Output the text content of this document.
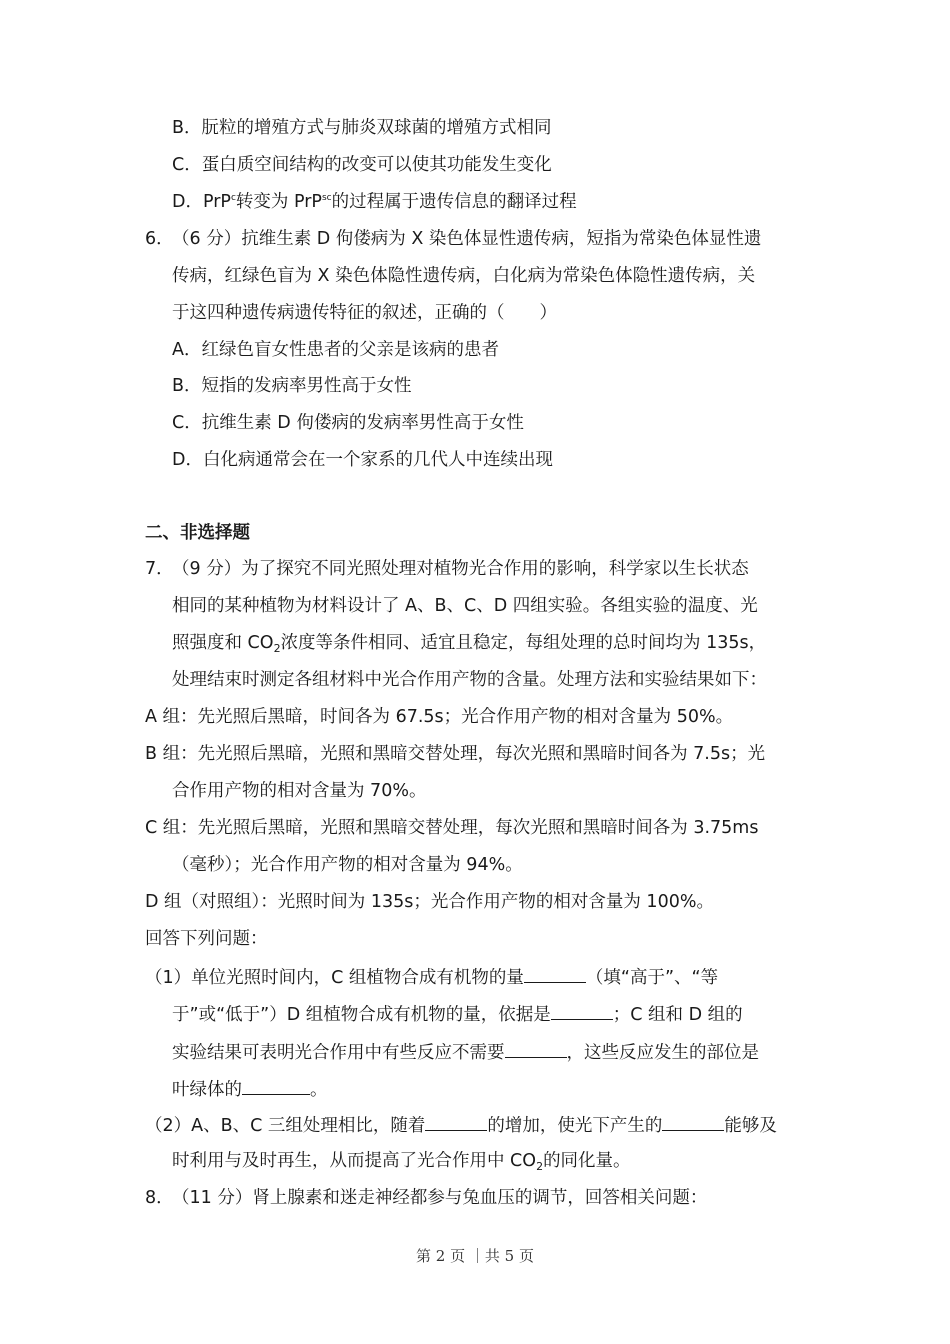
B．朊粒的增殖方式与肺炎双球菌的增殖方式相同
C．蛋白质空间结构的改变可以使其功能发生变化
D．PrP$^c$转变为 PrP$^{sc}$的过程属于遗传信息的翻译过程
6．
（6 分）抗维生素 D 佝偻病为 X 染色体显性遗传病，短指为常染色体显性遗
传病，红绿色盲为 X 染色体隐性遗传病，白化病为常染色体隐性遗传病，关
于这四种遗传病遗传特征的叙述，正确的（　　）
A．红绿色盲女性患者的父亲是该病的患者
B．短指的发病率男性高于女性
C．抗维生素 D 佝偻病的发病率男性高于女性
D．白化病通常会在一个家系的几代人中连续出现
二、非选择题
7．
（9 分）为了探究不同光照处理对植物光合作用的影响，科学家以生长状态
相同的某种植物为材料设计了 A、B、C、D 四组实验。各组实验的温度、光
照强度和 $CO_2$浓度等条件相同、适宜且稳定，每组处理的总时间均为 135s，
处理结束时测定各组材料中光合作用产物的含量。处理方法和实验结果如下：
A 组：先光照后黑暗，时间各为 67.5s；光合作用产物的相对含量为 50%。
B 组：先光照后黑暗，光照和黑暗交替处理，每次光照和黑暗时间各为 7.5s；光
合作用产物的相对含量为 70%。
C 组：先光照后黑暗，光照和黑暗交替处理，每次光照和黑暗时间各为 3.75ms
（毫秒）；光合作用产物的相对含量为 94%。
D 组（对照组）：光照时间为 135s；光合作用产物的相对含量为 100%。
回答下列问题：
（1）单位光照时间内，C 组植物合成有机物的量	（填“高于”、“等
于”或“低于”）D 组植物合成有机物的量，依据是	；C 组和 D 组的
实验结果可表明光合作用中有些反应不需要	，这些反应发生的部位是
叶绿体的	。
（2）A、B、C 三组处理相比，随着	的增加，使光下产生的	能够及
时利用与及时再生，从而提高了光合作用中 $CO_2$的同化量。
8．
（11 分）肾上腺素和迷走神经都参与兔血压的调节，回答相关问题：
第 2 页 ｜共 5 页
